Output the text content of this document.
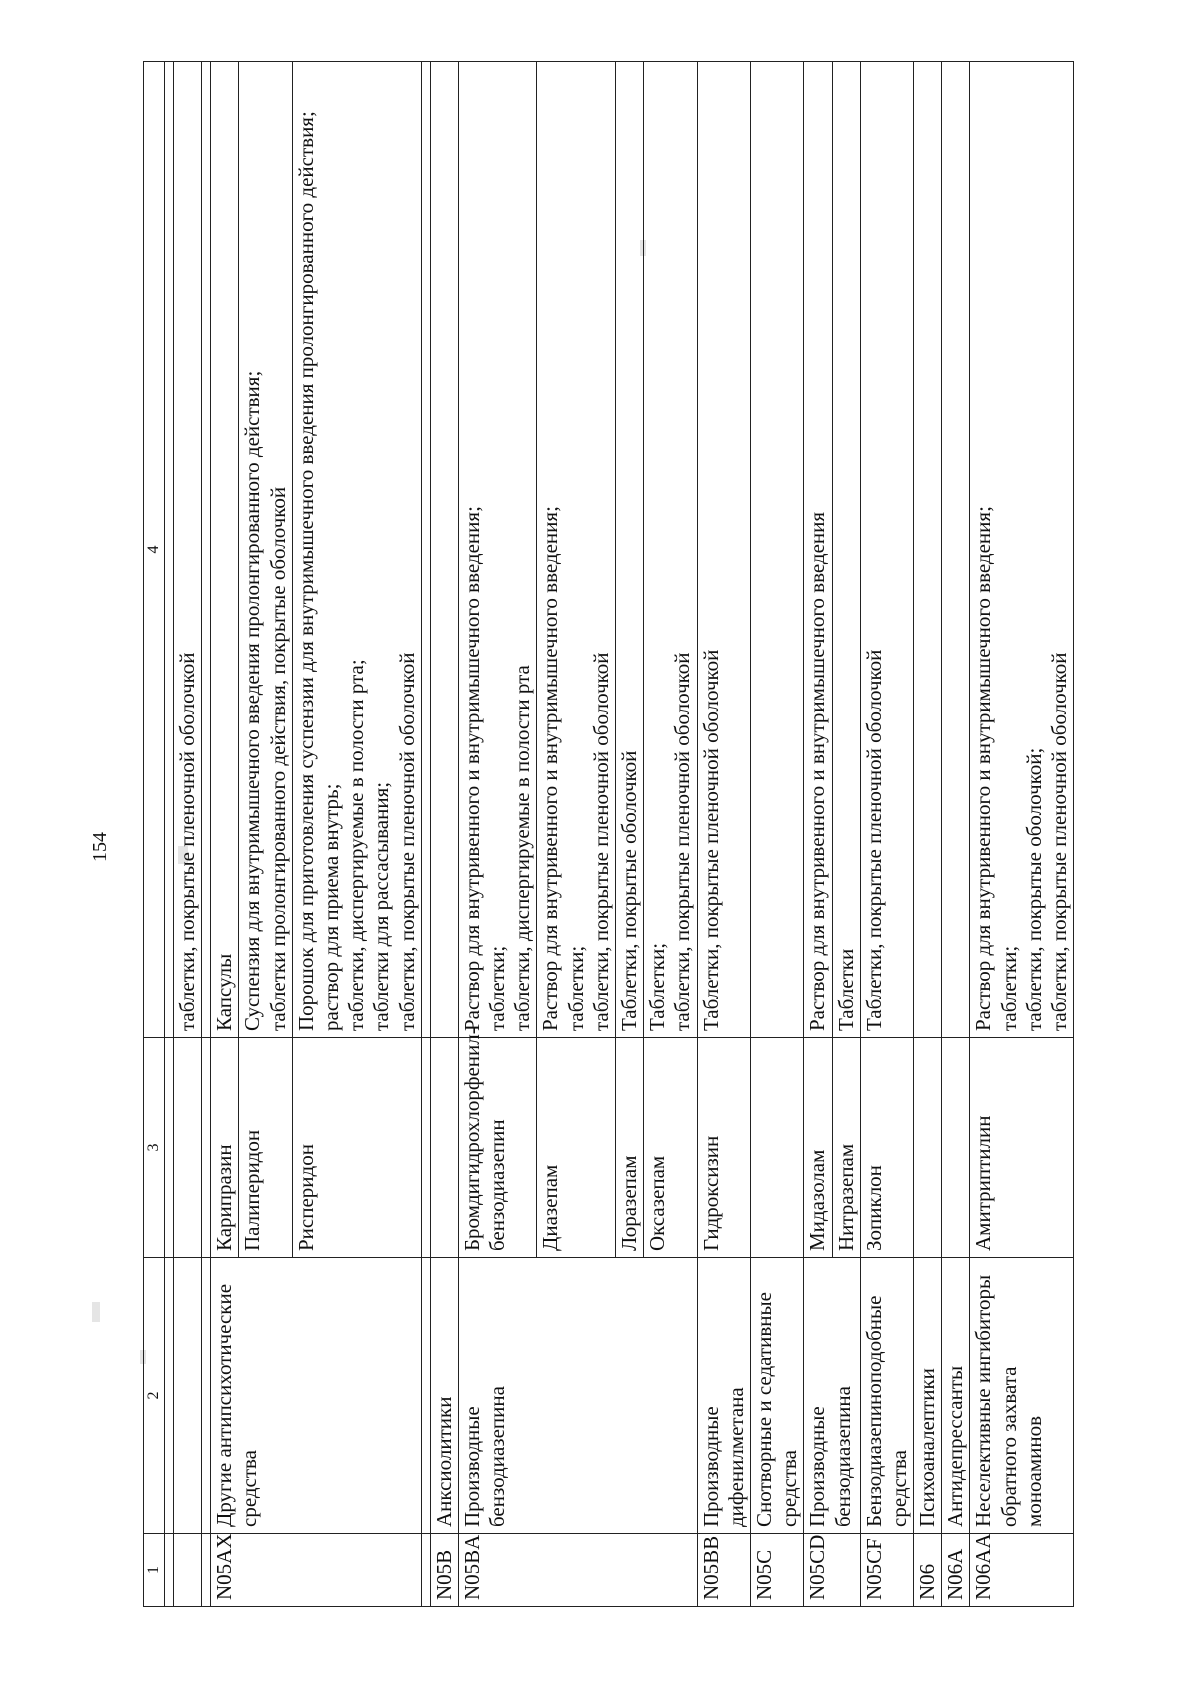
154
1	2	3	4

			таблетки, покрытые пленочной оболочкой

N05AX	Другие антипсихотические средства	Карипразин	Капсулы
		Палиперидон	Суспензия для внутримышечного введения пролонгированного действия;
таблетки пролонгированного действия, покрытые оболочкой
		Рисперидон	Порошок для приготовления суспензии для внутримышечного введения пролонгированного действия;
раствор для приема внутрь;
таблетки, диспергируемые в полости рта;
таблетки для рассасывания;
таблетки, покрытые пленочной оболочкой

N05B	Анксиолитики		
N05BA	Производные бензодиазепина	Бромдигидрохлорфенил-бензодиазепин	Раствор для внутривенного и внутримышечного введения;
таблетки;
таблетки, диспергируемые в полости рта
		Диазепам	Раствор для внутривенного и внутримышечного введения;
таблетки;
таблетки, покрытые пленочной оболочкой
		Лоразепам	Таблетки, покрытые оболочкой
		Оксазепам	Таблетки;
таблетки, покрытые пленочной оболочкой
N05BB	Производные дифенилметана	Гидроксизин	Таблетки, покрытые пленочной оболочкой
N05C	Снотворные и седативные средства		
N05CD	Производные бензодиазепина	Мидазолам	Раствор для внутривенного и внутримышечного введения
		Нитразепам	Таблетки
N05CF	Бензодиазепиноподобные средства	Зопиклон	Таблетки, покрытые пленочной оболочкой
N06	Психоаналептики		
N06A	Антидепрессанты		
N06AA	Неселективные ингибиторы обратного захвата моноаминов	Амитриптилин	Раствор для внутривенного и внутримышечного введения;
таблетки;
таблетки, покрытые оболочкой;
таблетки, покрытые пленочной оболочкой
